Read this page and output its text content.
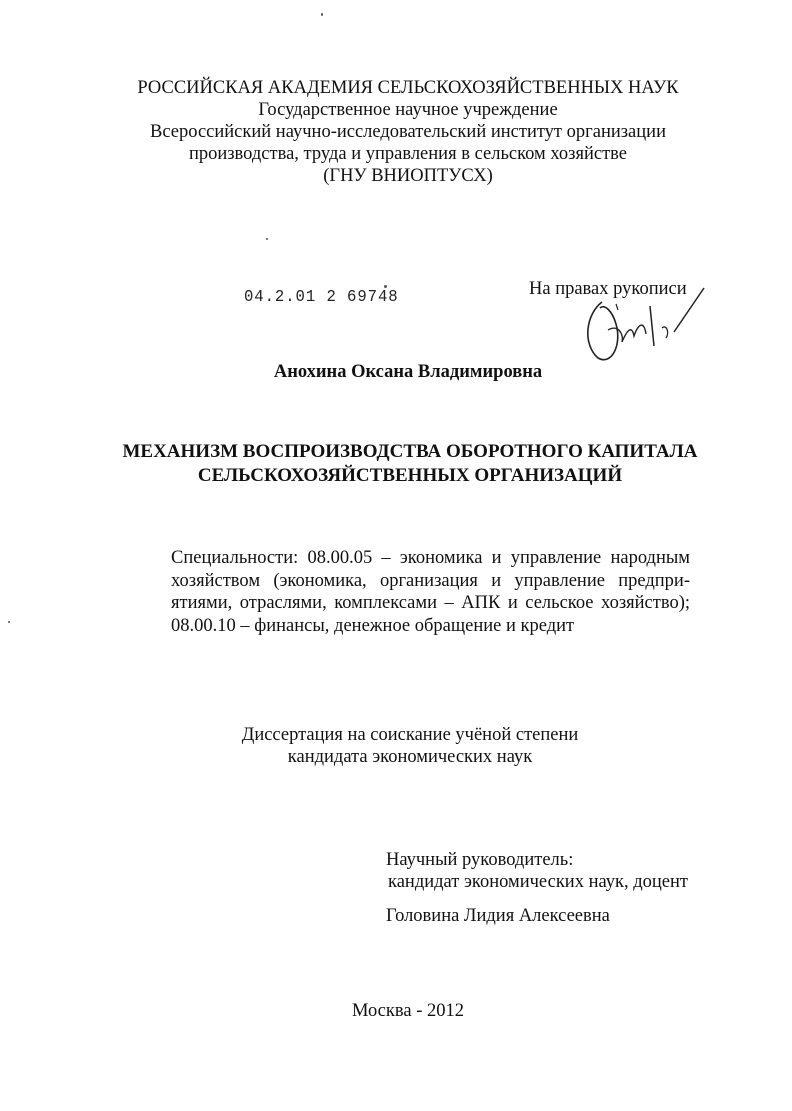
РОССИЙСКАЯ АКАДЕМИЯ СЕЛЬСКОХОЗЯЙСТВЕННЫХ НАУК
Государственное научное учреждение
Всероссийский научно-исследовательский институт организации
производства, труда и управления в сельском хозяйстве
(ГНУ ВНИОПТУСХ)
04.2.01 2 69748	На правах рукописи
Анохина Оксана Владимировна
МЕХАНИЗМ ВОСПРОИЗВОДСТВА ОБОРОТНОГО КАПИТАЛА
СЕЛЬСКОХОЗЯЙСТВЕННЫХ ОРГАНИЗАЦИЙ
Специальности: 08.00.05 – экономика и управление народным
хозяйством (экономика, организация и управление предпри-
ятиями, отраслями, комплексами – АПК и сельское хозяйство);
08.00.10 – финансы, денежное обращение и кредит
Диссертация на соискание учёной степени
кандидата экономических наук
Научный руководитель:
кандидат экономических наук, доцент
Головина Лидия Алексеевна
Москва - 2012
